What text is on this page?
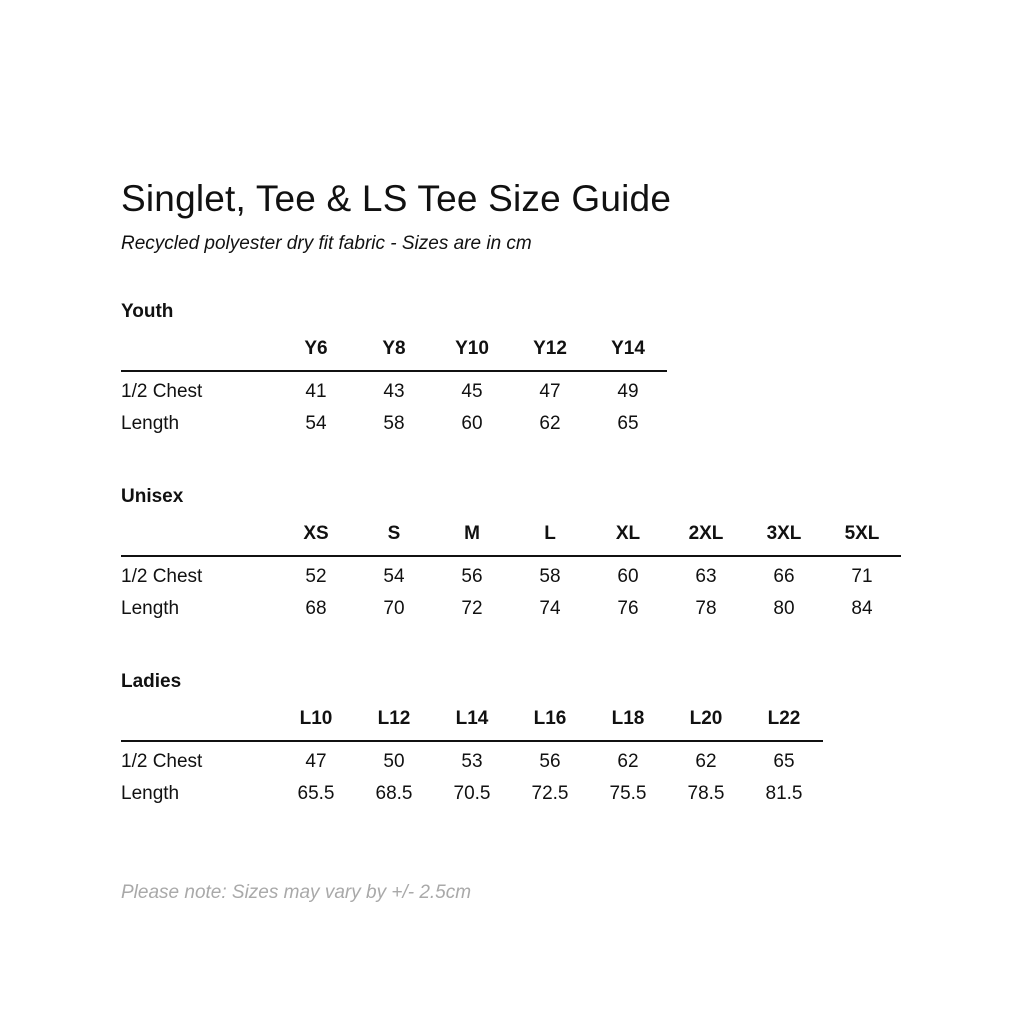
Singlet, Tee & LS Tee Size Guide

Recycled polyester dry fit fabric - Sizes are in cm

Youth
	Y6	Y8	Y10	Y12	Y14
1/2 Chest	41	43	45	47	49
Length	54	58	60	62	65
Unisex
	XS	S	M	L	XL	2XL	3XL	5XL
1/2 Chest	52	54	56	58	60	63	66	71
Length	68	70	72	74	76	78	80	84
Ladies
	L10	L12	L14	L16	L18	L20	L22
1/2 Chest	47	50	53	56	62	62	65
Length	65.5	68.5	70.5	72.5	75.5	78.5	81.5

Please note: Sizes may vary by +/- 2.5cm
